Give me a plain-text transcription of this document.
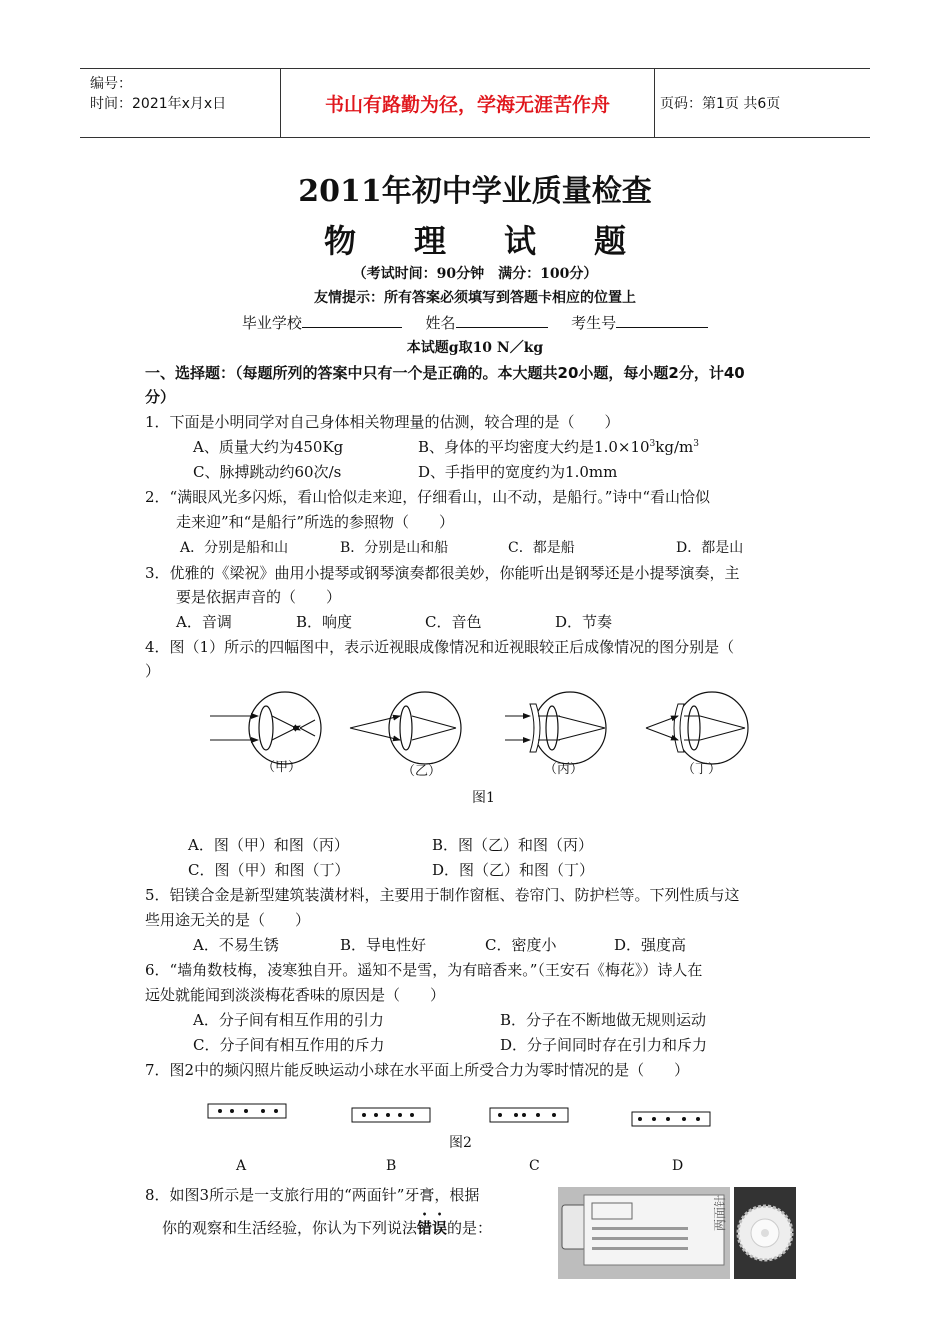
编号：
时间：2021年x月x日	书山有路勤为径，学海无涯苦作舟	页码：第1页 共6页
2011年初中学业质量检查
物理试题
（考试时间：90分钟　满分：100分）
友情提示：所有答案必须填写到答题卡相应的位置上
毕业学校	姓名	考生号
本试题g取10 N／kg
一、选择题：（每题所列的答案中只有一个是正确的。本大题共20小题，每小题2分，计40
分）
1．下面是小明同学对自己身体相关物理量的估测，较合理的是（　　）
A、质量大约为450Kg	B、身体的平均密度大约是$1.0\times 10^3kg/m^3$
C、脉搏跳动约60次/s	D、手指甲的宽度约为1.0mm
2．“满眼风光多闪烁，看山恰似走来迎，仔细看山，山不动，是船行。”诗中“看山恰似
走来迎”和“是船行”所选的参照物（　　）
A．分别是船和山	B．分别是山和船	C．都是船	D．都是山
3．优雅的《梁祝》曲用小提琴或钢琴演奏都很美妙，你能听出是钢琴还是小提琴演奏，主
要是依据声音的（　　）
A．音调	B．响度	C．音色	D．节奏
4．图（1）所示的四幅图中，表示近视眼成像情况和近视眼较正后成像情况的图分别是（
）
（甲）	（乙）	（丙）	（丁）
图1
A．图（甲）和图（丙）	B．图（乙）和图（丙）
C．图（甲）和图（丁）	D．图（乙）和图（丁）
5．铝镁合金是新型建筑装潢材料，主要用于制作窗框、卷帘门、防护栏等。下列性质与这
些用途无关的是（　　）
A．不易生锈	B．导电性好	C．密度小	D．强度高
6．“墙角数枝梅，凌寒独自开。遥知不是雪，为有暗香来。”（王安石《梅花》）诗人在
远处就能闻到淡淡梅花香味的原因是（　　）
A．分子间有相互作用的引力	B．分子在不断地做无规则运动
C．分子间有相互作用的斥力	D．分子间同时存在引力和斥力
7．图2中的频闪照片能反映运动小球在水平面上所受合力为零时情况的是（　　）
图2
A	B	C	D
8．如图3所示是一支旅行用的“两面针”牙膏，根据
你的观察和生活经验，你认为下列说法错误的是：	两面针
